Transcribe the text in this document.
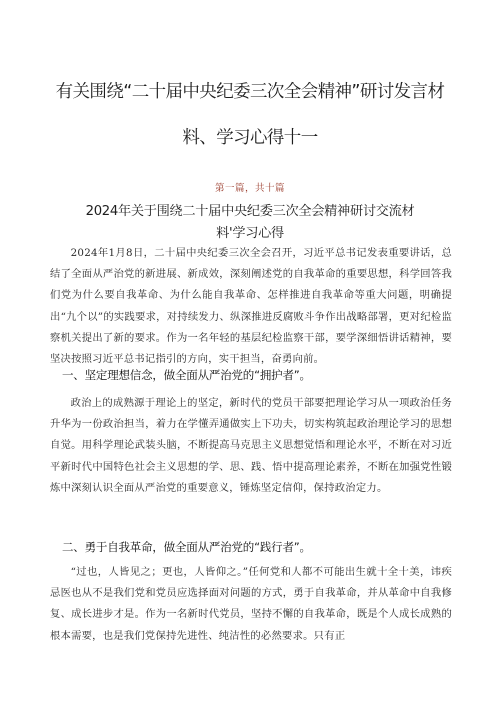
有关围绕“二十届中央纪委三次全会精神”研讨发言材
料、学习心得十一
第一篇，共十篇
2024年关于围绕二十届中央纪委三次全会精神研讨交流材
料'学习心得
2024年1月8日，二十届中央纪委三次全会召开，习近平总书记发表重要讲话，总结了全面从严治党的新进展、新成效，深刻阐述党的自我革命的重要思想，科学回答我们党为什么要自我革命、为什么能自我革命、怎样推进自我革命等重大问题，明确提出“九个以”的实践要求，对持续发力、纵深推进反腐败斗争作出战略部署，更对纪检监察机关提出了新的要求。作为一名年轻的基层纪检监察干部，要学深细悟讲话精神，要坚决按照习近平总书记指引的方向，实干担当，奋勇向前。
一、坚定理想信念，做全面从严治党的“拥护者”。
政治上的成熟源于理论上的坚定，新时代的党员干部要把理论学习从一项政治任务升华为一份政治担当，着力在学懂弄通做实上下功夫，切实构筑起政治理论学习的思想自觉。用科学理论武装头脑，不断提高马克思主义思想觉悟和理论水平，不断在对习近平新时代中国特色社会主义思想的学、思、践、悟中提高理论素养，不断在加强党性锻炼中深刻认识全面从严治党的重要意义，锤炼坚定信仰，保持政治定力。
二、勇于自我革命，做全面从严治党的“践行者”。
“过也，人皆见之；更也，人皆仰之。”任何党和人都不可能出生就十全十美，讳疾忌医也从不是我们党和党员应选择面对问题的方式，勇于自我革命，并从革命中自我修复、成长进步才是。作为一名新时代党员，坚持不懈的自我革命，既是个人成长成熟的根本需要，也是我们党保持先进性、纯洁性的必然要求。只有正
